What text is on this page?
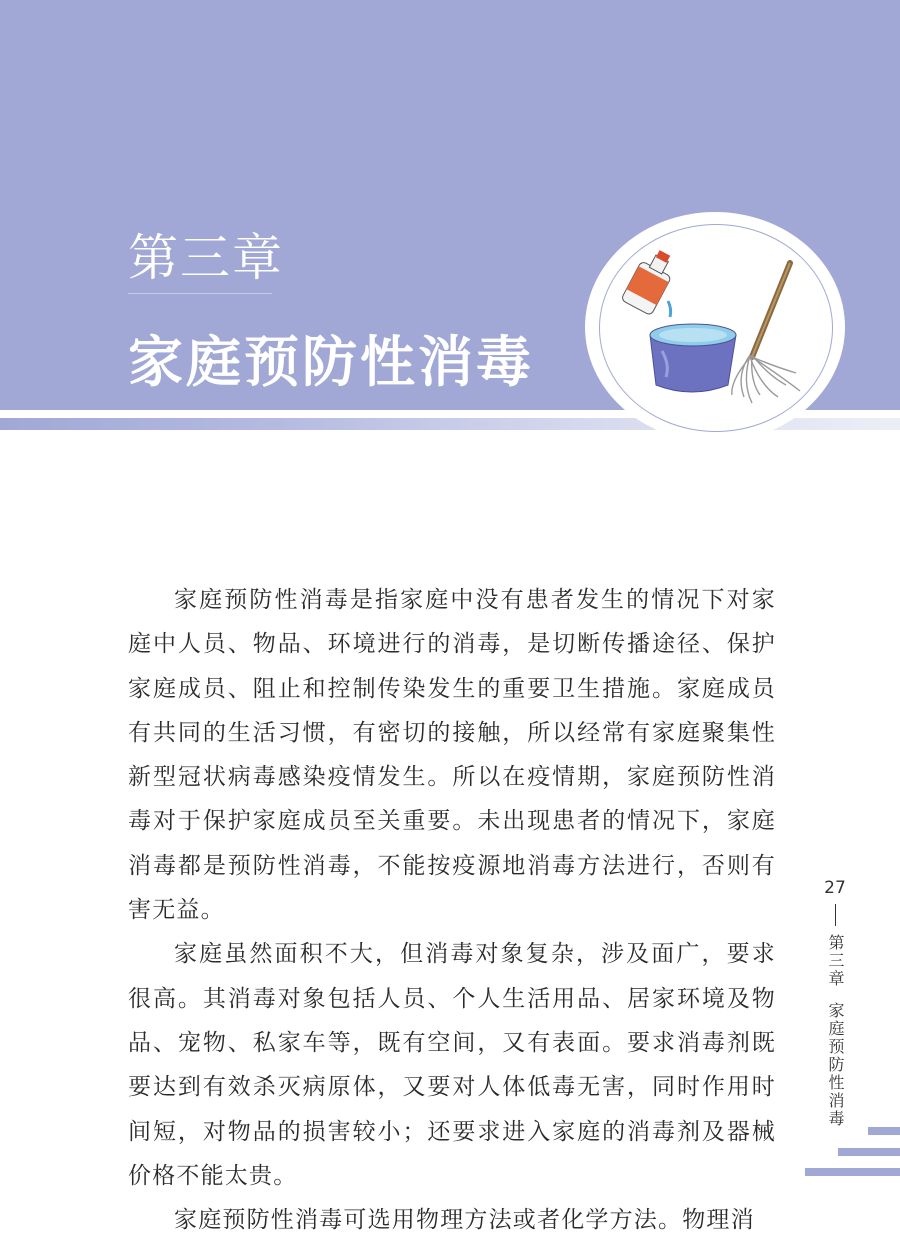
第三章
家庭预防性消毒

家庭预防性消毒是指家庭中没有患者发生的情况下对家庭中人员、物品、环境进行的消毒，是切断传播途径、保护家庭成员、阻止和控制传染发生的重要卫生措施。家庭成员有共同的生活习惯，有密切的接触，所以经常有家庭聚集性新型冠状病毒感染疫情发生。所以在疫情期，家庭预防性消毒对于保护家庭成员至关重要。未出现患者的情况下，家庭消毒都是预防性消毒，不能按疫源地消毒方法进行，否则有害无益。

家庭虽然面积不大，但消毒对象复杂，涉及面广，要求很高。其消毒对象包括人员、个人生活用品、居家环境及物品、宠物、私家车等，既有空间，又有表面。要求消毒剂既要达到有效杀灭病原体，又要对人体低毒无害，同时作用时间短，对物品的损害较小；还要求进入家庭的消毒剂及器械价格不能太贵。

家庭预防性消毒可选用物理方法或者化学方法。物理消

27
第三章家庭预防性消毒
